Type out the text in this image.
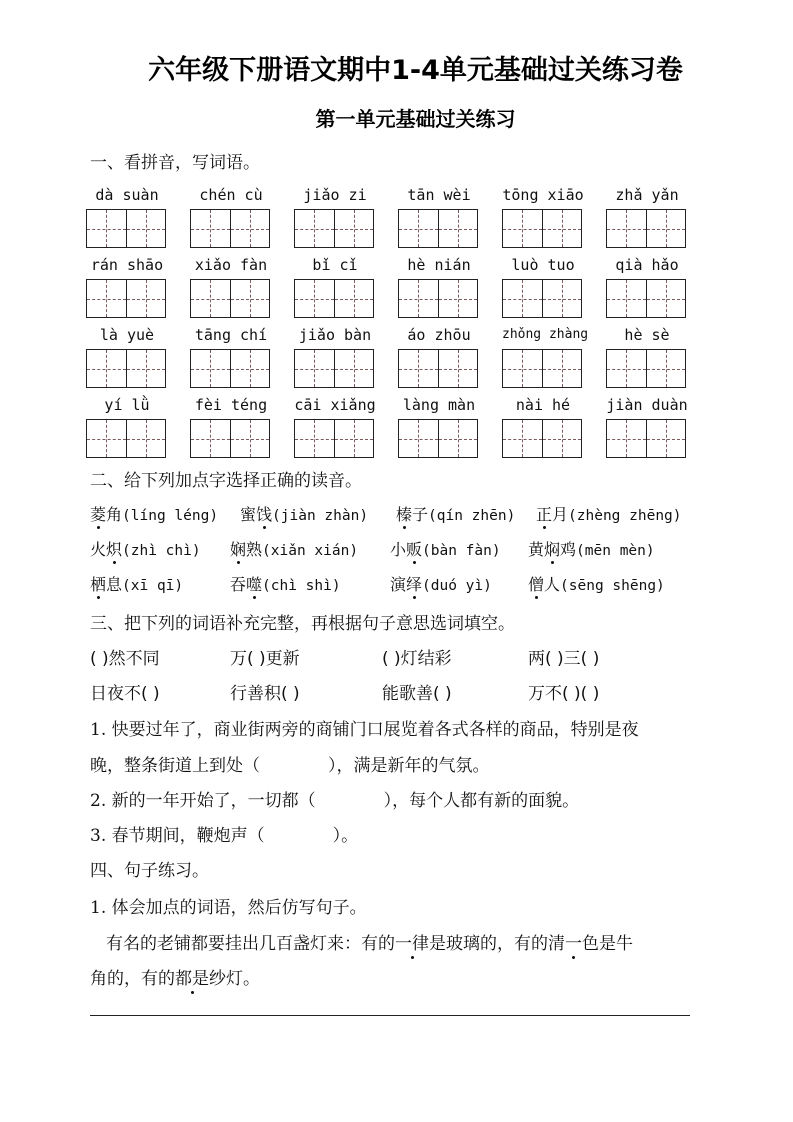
六年级下册语文期中1-4单元基础过关练习卷
第一单元基础过关练习
一、看拼音，写词语。
dà suàn	chén cù	jiǎo zi	tān wèi	tōng xiāo	zhǎ yǎn
rán shāo	xiǎo fàn	bǐ cǐ	hè nián	luò tuo	qià hǎo
là yuè	tāng chí	jiǎo bàn	áo zhōu	zhǒng zhàng	hè sè
yí lǜ	fèi téng	cāi xiǎng	làng màn	nài hé	jiàn duàn
二、给下列加点字选择正确的读音。
菱角(líng léng) 蜜饯(jiàn zhàn) 榛子(qín zhēn) 正月(zhèng zhēng)
火炽(zhì chì) 娴熟(xiǎn xián) 小贩(bàn fàn) 黄焖鸡(mēn mèn)
栖息(xī qī)	吞噬(chì shì)	演绎(duó yì) 僧人(sēng shēng)
三、把下列的词语补充完整，再根据句子意思选词填空。
( )然不同	万( )更新	( )灯结彩	两( )三( )
日夜不( )	行善积( )	能歌善( )	万不( )( )
1. 快要过年了，商业街两旁的商铺门口展览着各式各样的商品，特别是夜
晚，整条街道上到处（　　　　），满是新年的气氛。
2. 新的一年开始了，一切都（　　　　），每个人都有新的面貌。
3. 春节期间，鞭炮声（　　　　）。
四、句子练习。
1. 体会加点的词语，然后仿写句子。
有名的老铺都要挂出几百盏灯来：有的一律是玻璃的，有的清一色是牛
角的，有的都是纱灯。
